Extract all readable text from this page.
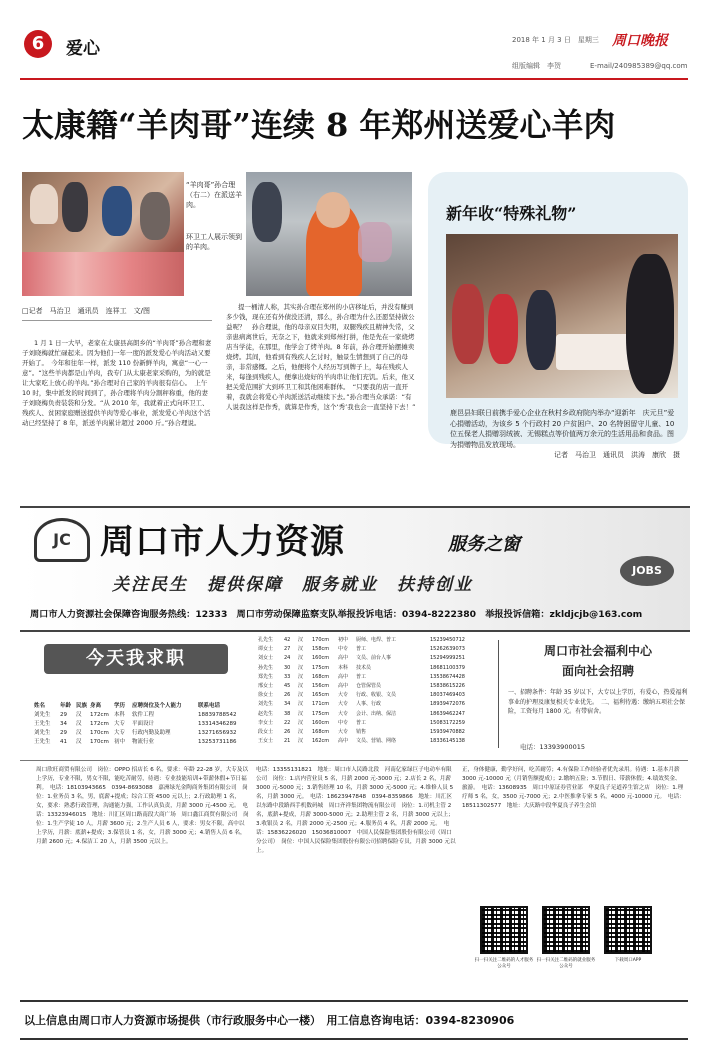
6	爱心	2018 年 1 月 3 日　星期三 周口晚报
组版编辑　李贺	E-mail/240985389@qq.com
太康籍“羊肉哥”连续 8 年郑州送爱心羊肉
“羊肉哥”孙合理（右二）在派送羊肉。
环卫工人展示领到的羊肉。
新年收“特殊礼物”
鹿邑县妇联日前携手爱心企业在秋村乡政府院内举办“迎新年　庆元旦”爱心捐赠活动，为该乡 5 个行政村 20 户贫困户、20 名特困留守儿童、10 位五保老人捐赠羽绒被、无锡糕点等价值两万余元的生活用品和食品。图为捐赠物品发放现场。
记者　马治卫　通讯员　洪涛　康欣　摄
□记者　马治卫　通讯员　连祥工　文/图
1 月 1 日一大早，老家在太康县高朗乡的“羊肉哥”孙合理和妻子刘晓梅就忙碌起来。因为他们一年一度的派发爱心羊肉活动又要开始了。　今年和往年一样，派发 110 份新鲜羊肉，寓意“一心一意”。“这些羊肉都是山羊肉，我专门从太康老家采购的，为的就是让大家吃上放心的羊肉。”孙合理对自己家的羊肉很有信心。　上午 10 时，集中派发的时间到了，孙合理将羊肉分割秤称重，他的妻子刘晓梅负责装袋和分发。“从 2010 年，我就着正式向环卫工、残疾人、贫困家庭赠送提供羊肉等爱心事业，派发爱心羊肉这个活动已经坚持了 8 年，派送羊肉累计超过 2000 斤。”孙合理说。
提一桶清人称，其实孙合理在郑州的小店移址后，并没有赚到多少钱，现在还有外债没还清，那么，孙合理为什么还愿坚持做公益呢？　孙合理说，他的母亲双目失明，双腿残疾且精神失常，父亲患病离世后，无奈之下，他就来到郑州打拼，他是先在一家烧烤店当学徒，在那里，他学会了烤羊肉。8 年前，孙合理开始摆摊卖烧烤。其间，他看到有残疾人乞讨时，触景生情想到了自己的母亲，非常感慨。之后，他便将个人经历写到牌子上，每在残疾人来，每逢到残疾人，便拿出烧好的羊肉串让他们充饥。后来，他又把关爱范围扩大到环卫工和其他困难群体。　“只要我的店一直开着，我就会将爱心羊肉派送活动继续下去。”孙合理当众承诺：“有人说我这样是作秀，就算是作秀，这个‘秀’我也会一直坚持下去！”
JC 周口市人力资源	服务之窗
关注民生　提供保障　服务就业　扶持创业
JOBS
周口市人力资源社会保障咨询服务热线：12333　周口市劳动保障监察支队举报投诉电话：0394-8222380　举报投诉信箱：zkldjcjb@163.com
今天我求职
姓名	年龄 民族 身高	学历	应聘岗位及个人能力	联系电话
刘先生	29	汉	172cm 本科	软件工程	18839788542
王先生	34	汉	172cm 大专	平面设计	13314346289
刘先生	29	汉	170cm 大专	行政内勤及助理	13271656932
王先生	41	汉	170cm 初中	物流行业	13253731186
孔先生	42	汉	170cm	初中	厨师、电焊、普工	15239450712
谭女士	27	汉	158cm	中专	普工	15262639073
刘女士	24	汉	160cm	高中	文员、前台人事	15294999251
孙先生	30	汉	175cm	本科	技术员	18681100379
郑先生	33	汉	168cm	高中	普工	13538674428
邢女士	45	汉	156cm	高中	仓管保管员	15838615226
徐女士	26	汉	165cm	大专	行政、收银、文员	18037469403
刘先生	34	汉	171cm	大专	人事、行政	18939472076
赵先生	38	汉	175cm	大专	会计、出纳、保洁	18639462247
李女士	22	汉	160cm	中专	普工	15083172259
段女士	26	汉	168cm	大专	销售	15939470882
王女士	21	汉	162cm	高中	文员、营销、网络	18336145138
周口市社会福利中心
面向社会招聘
一、招聘条件：年龄 35 岁以下，大专以上学历，有爱心，热爱福利事业的护理及康复相关专业优先。　二、福利待遇：缴纳五项社会保险，工资每月 1800 元。有带宿舍。
电话：13393900015
周口欣旺商贸有限公司　岗位：OPPO 招店长 6 名，要求：年龄 22-28 岁，大专及以上学历，专业不限，男女不限，能吃苦耐劳，待遇：专业技能培训+带薪休假+节日福利。　电话：18103943665　0394-8693088　嘉洲绿光金陶商务集团有限公司　岗位：1.业务员 3 名，男，底薪+提成；综合工资 4500 元以上；2.行政助理 1 名，女，要求：熟悉行政管理，沟通能力强，工作认真负责，月薪 3000 元-4500 元。　电话：13323946015　地址：川汇区周口路南段大商广场　周口鑫江商贸有限公司　岗位：1.生产学徒 10 人，月薪 3600 元；2.生产人员 6 人，要求：男女不限，高中以上学历，月薪：底薪+提成；3.保管员 1 名，女，月薪 3000 元；4.销售人员 6 名，月薪 2600 元；4.保洁工 20 人，月薪 3500 元以上。
电话：13355131821　地址：周口市人民路北段　河南亿家绿巨子电动车有限公司　岗位：1.店内营业员 5 名，月薪 2000 元-3000 元；2.店长 2 名，月薪 3000 元-5000 元；3.销售经理 10 名，月薪 3000 元-5000 元；4.维修人员 5 名，月薪 3000 元。　电话：18623947848　0394-8359866　地址：川汇区以东路中段路西手机数码城　周口齐祥集团物流有限公司　岗位：1.司机主管 2 名，底薪+提成，月薪 3000-5000 元；2.助理主管 2 名，月薪 3000 元以上；3.收银员 2 名，月薪 2000 元-2500 元；4.服务员 4 名，月薪 2000 元。　电话：15836226020　15036810007　中国人民保险集团股份有限公司（周口分公司）　岗位：中国人民保险集团股份有限公司招聘保险专员，月薪 3000 元以上。
正，身体健康，勤学好问，吃苦耐劳；4.有保险工作经验者优先录用。待遇：1.基本月薪 3000 元-10000 元（月销售额提成）；2.缴纳五险；3.节假日、带薪休假；4.绩效奖金、旅游。　电话：13608935　周口中原证券营业部　华夏良子足道养生馆之店　岗位：1.理疗师 5 名，女，3500 元-7000 元；2.中医推拿专家 5 名，4000 元-10000 元。　电话：18511302577　地址：大庆路中段华夏良子养生会馆
扫一扫关注二维码的人才服务公众号
扫一扫关注二维码的就业服务公众号
下载周口APP
以上信息由周口市人力资源市场提供（市行政服务中心一楼）　用工信息咨询电话：0394-8230906
